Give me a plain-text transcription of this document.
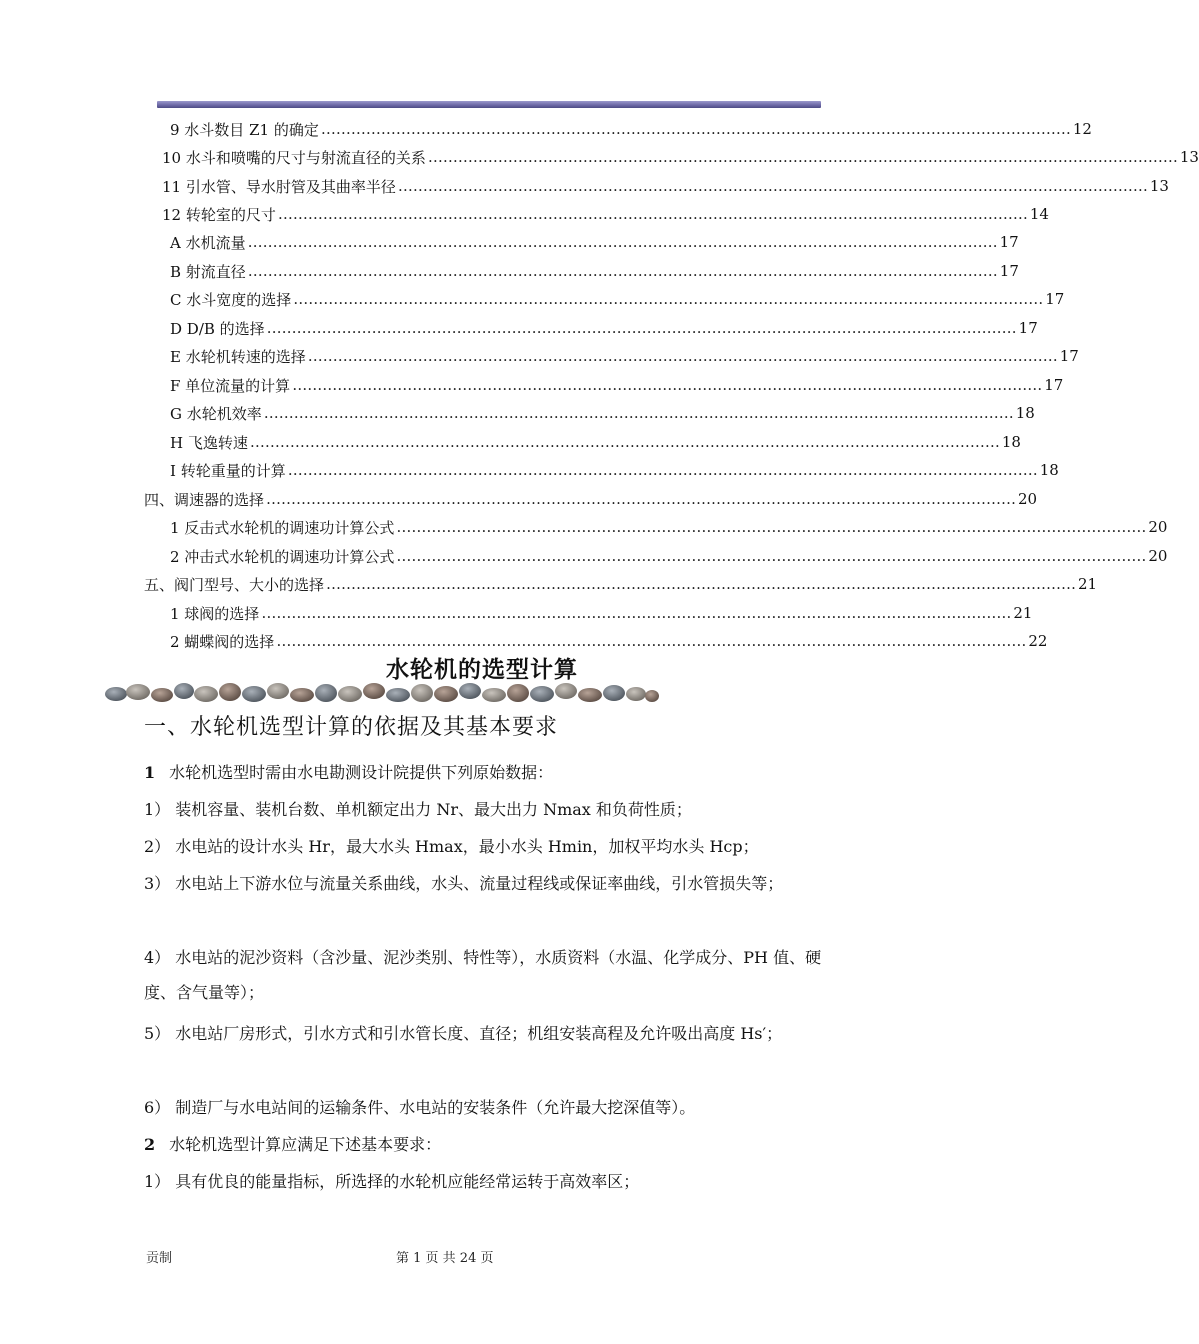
9 水斗数目 Z1 的确定 …………………………………………………………………………………………………………………………………… 12
10 水斗和喷嘴的尺寸与射流直径的关系 …………………………………………………………………………………………………………………………………… 13
11 引水管、导水肘管及其曲率半径 …………………………………………………………………………………………………………………………………… 13
12 转轮室的尺寸 …………………………………………………………………………………………………………………………………… 14
A 水机流量 …………………………………………………………………………………………………………………………………… 17
B 射流直径 …………………………………………………………………………………………………………………………………… 17
C 水斗宽度的选择 …………………………………………………………………………………………………………………………………… 17
D D/B 的选择 …………………………………………………………………………………………………………………………………… 17
E 水轮机转速的选择 …………………………………………………………………………………………………………………………………… 17
F 单位流量的计算 …………………………………………………………………………………………………………………………………… 17
G 水轮机效率 …………………………………………………………………………………………………………………………………… 18
H 飞逸转速 …………………………………………………………………………………………………………………………………… 18
I 转轮重量的计算 …………………………………………………………………………………………………………………………………… 18
四、调速器的选择 …………………………………………………………………………………………………………………………………… 20
1 反击式水轮机的调速功计算公式 …………………………………………………………………………………………………………………………………… 20
2 冲击式水轮机的调速功计算公式 …………………………………………………………………………………………………………………………………… 20
五、阀门型号、大小的选择 …………………………………………………………………………………………………………………………………… 21
1 球阀的选择 …………………………………………………………………………………………………………………………………… 21
2 蝴蝶阀的选择 …………………………………………………………………………………………………………………………………… 22
水轮机的选型计算
一、水轮机选型计算的依据及其基本要求
1 水轮机选型时需由水电勘测设计院提供下列原始数据：
1） 装机容量、装机台数、单机额定出力 Nr、最大出力 Nmax 和负荷性质；
2） 水电站的设计水头 Hr，最大水头 Hmax，最小水头 Hmin，加权平均水头 Hcp；
3） 水电站上下游水位与流量关系曲线，水头、流量过程线或保证率曲线，引水管损失等；
4） 水电站的泥沙资料（含沙量、泥沙类别、特性等），水质资料（水温、化学成分、PH 值、硬度、含气量等）；
5） 水电站厂房形式，引水方式和引水管长度、直径；机组安装高程及允许吸出高度 Hs′；
6） 制造厂与水电站间的运输条件、水电站的安装条件（允许最大挖深值等）。
2 水轮机选型计算应满足下述基本要求：
1） 具有优良的能量指标，所选择的水轮机应能经常运转于高效率区；
贡制	第 1 页 共 24 页
